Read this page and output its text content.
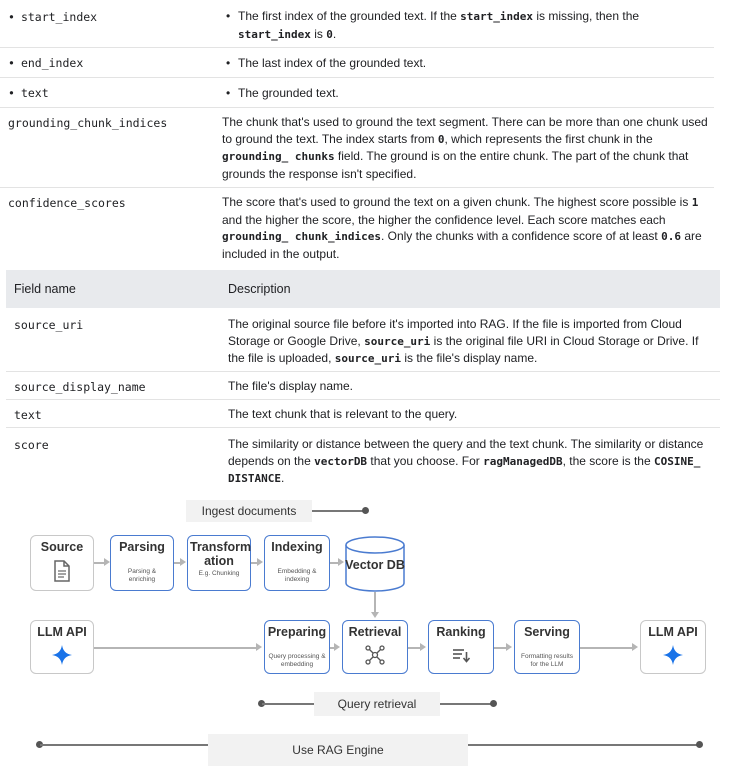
• start_index	• The first index of the grounded text. If the start_index is missing, then the start_index is 0.
• end_index	• The last index of the grounded text.
• text	• The grounded text.
grounding_chunk_indices	The chunk that's used to ground the text segment. There can be more than one chunk used to ground the text. The index starts from 0, which represents the first chunk in the grounding_ chunks field. The ground is on the entire chunk. The part of the chunk that grounds the response isn't specified.
confidence_scores	The score that's used to ground the text on a given chunk. The highest score possible is 1 and the higher the score, the higher the confidence level. Each score matches each grounding_ chunk_indices. Only the chunks with a confidence score of at least 0.6 are included in the output.
Field name	Description
source_uri	The original source file before it's imported into RAG. If the file is imported from Cloud Storage or Google Drive, source_uri is the original file URI in Cloud Storage or Drive. If the file is uploaded, source_uri is the file's display name.
source_display_name	The file's display name.
text	The text chunk that is relevant to the query.
score	The similarity or distance between the query and the text chunk. The similarity or distance depends on the vectorDB that you choose. For ragManagedDB, the score is the COSINE_ DISTANCE.
Ingest documents
Source	Parsing
Parsing & enriching
Transform ation
E.g. Chunking
Indexing
Embedding & indexing
Vector DB
LLM API	Preparing
Query processing & embedding
Retrieval	Ranking	Serving
Formatting results for the LLM
LLM API
Query retrieval
Use RAG Engine
